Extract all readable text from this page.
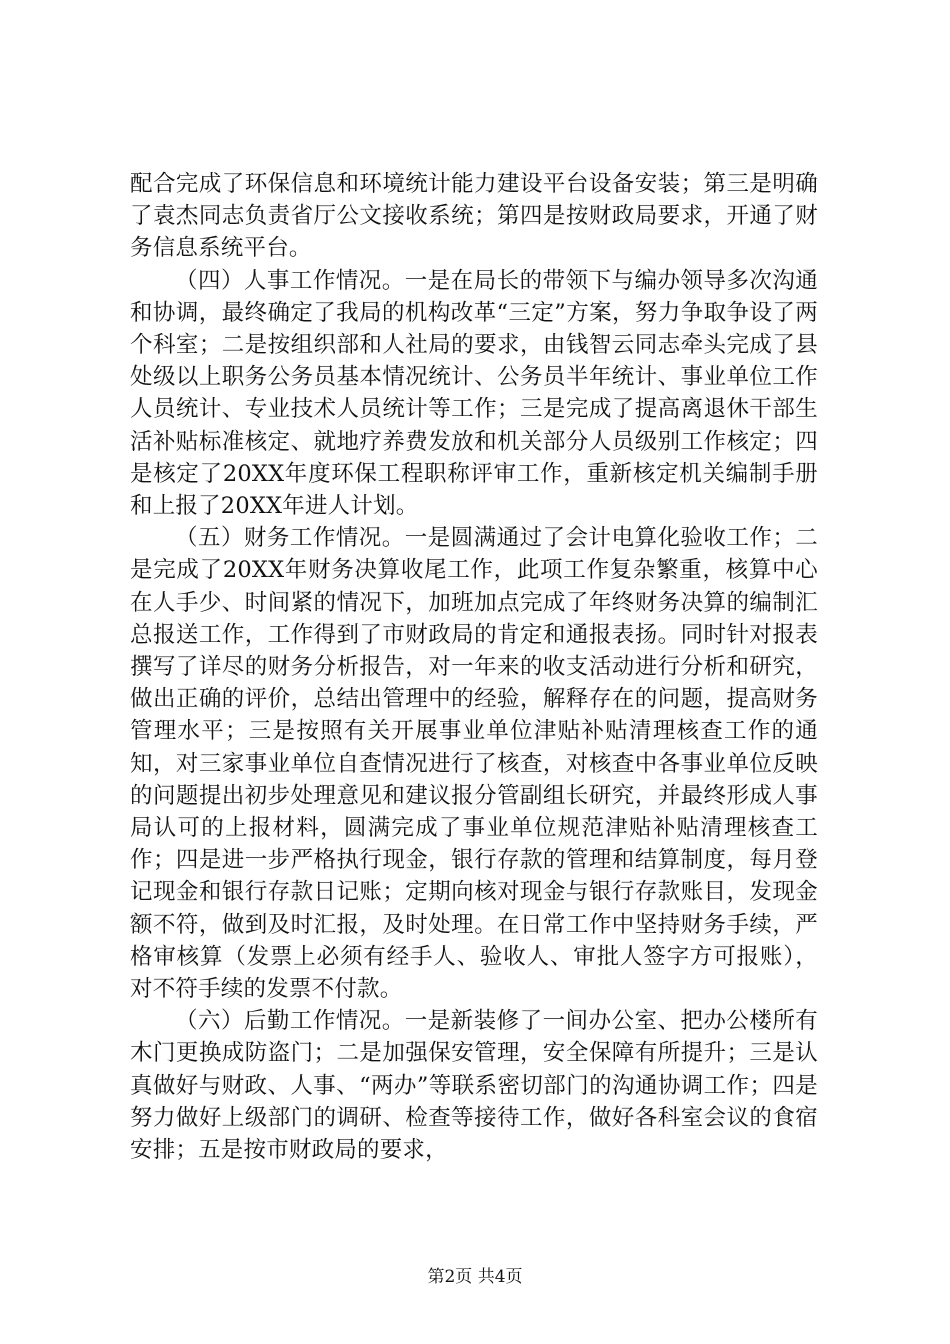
配合完成了环保信息和环境统计能力建设平台设备安装；第三是明确了袁杰同志负责省厅公文接收系统；第四是按财政局要求，开通了财务信息系统平台。

（四）人事工作情况。一是在局长的带领下与编办领导多次沟通和协调，最终确定了我局的机构改革“三定”方案，努力争取争设了两个科室；二是按组织部和人社局的要求，由钱智云同志牵头完成了县处级以上职务公务员基本情况统计、公务员半年统计、事业单位工作人员统计、专业技术人员统计等工作；三是完成了提高离退休干部生活补贴标准核定、就地疗养费发放和机关部分人员级别工作核定；四是核定了20XX年度环保工程职称评审工作，重新核定机关编制手册和上报了20XX年进人计划。

（五）财务工作情况。一是圆满通过了会计电算化验收工作；二是完成了20XX年财务决算收尾工作，此项工作复杂繁重，核算中心在人手少、时间紧的情况下，加班加点完成了年终财务决算的编制汇总报送工作，工作得到了市财政局的肯定和通报表扬。同时针对报表撰写了详尽的财务分析报告，对一年来的收支活动进行分析和研究，做出正确的评价，总结出管理中的经验，解释存在的问题，提高财务管理水平；三是按照有关开展事业单位津贴补贴清理核查工作的通知，对三家事业单位自查情况进行了核查，对核查中各事业单位反映的问题提出初步处理意见和建议报分管副组长研究，并最终形成人事局认可的上报材料，圆满完成了事业单位规范津贴补贴清理核查工作；四是进一步严格执行现金，银行存款的管理和结算制度，每月登记现金和银行存款日记账；定期向核对现金与银行存款账目，发现金额不符，做到及时汇报，及时处理。在日常工作中坚持财务手续，严格审核算（发票上必须有经手人、验收人、审批人签字方可报账），对不符手续的发票不付款。

（六）后勤工作情况。一是新装修了一间办公室、把办公楼所有木门更换成防盗门；二是加强保安管理，安全保障有所提升；三是认真做好与财政、人事、“两办”等联系密切部门的沟通协调工作；四是努力做好上级部门的调研、检查等接待工作，做好各科室会议的食宿安排；五是按市财政局的要求，

第2页 共4页
